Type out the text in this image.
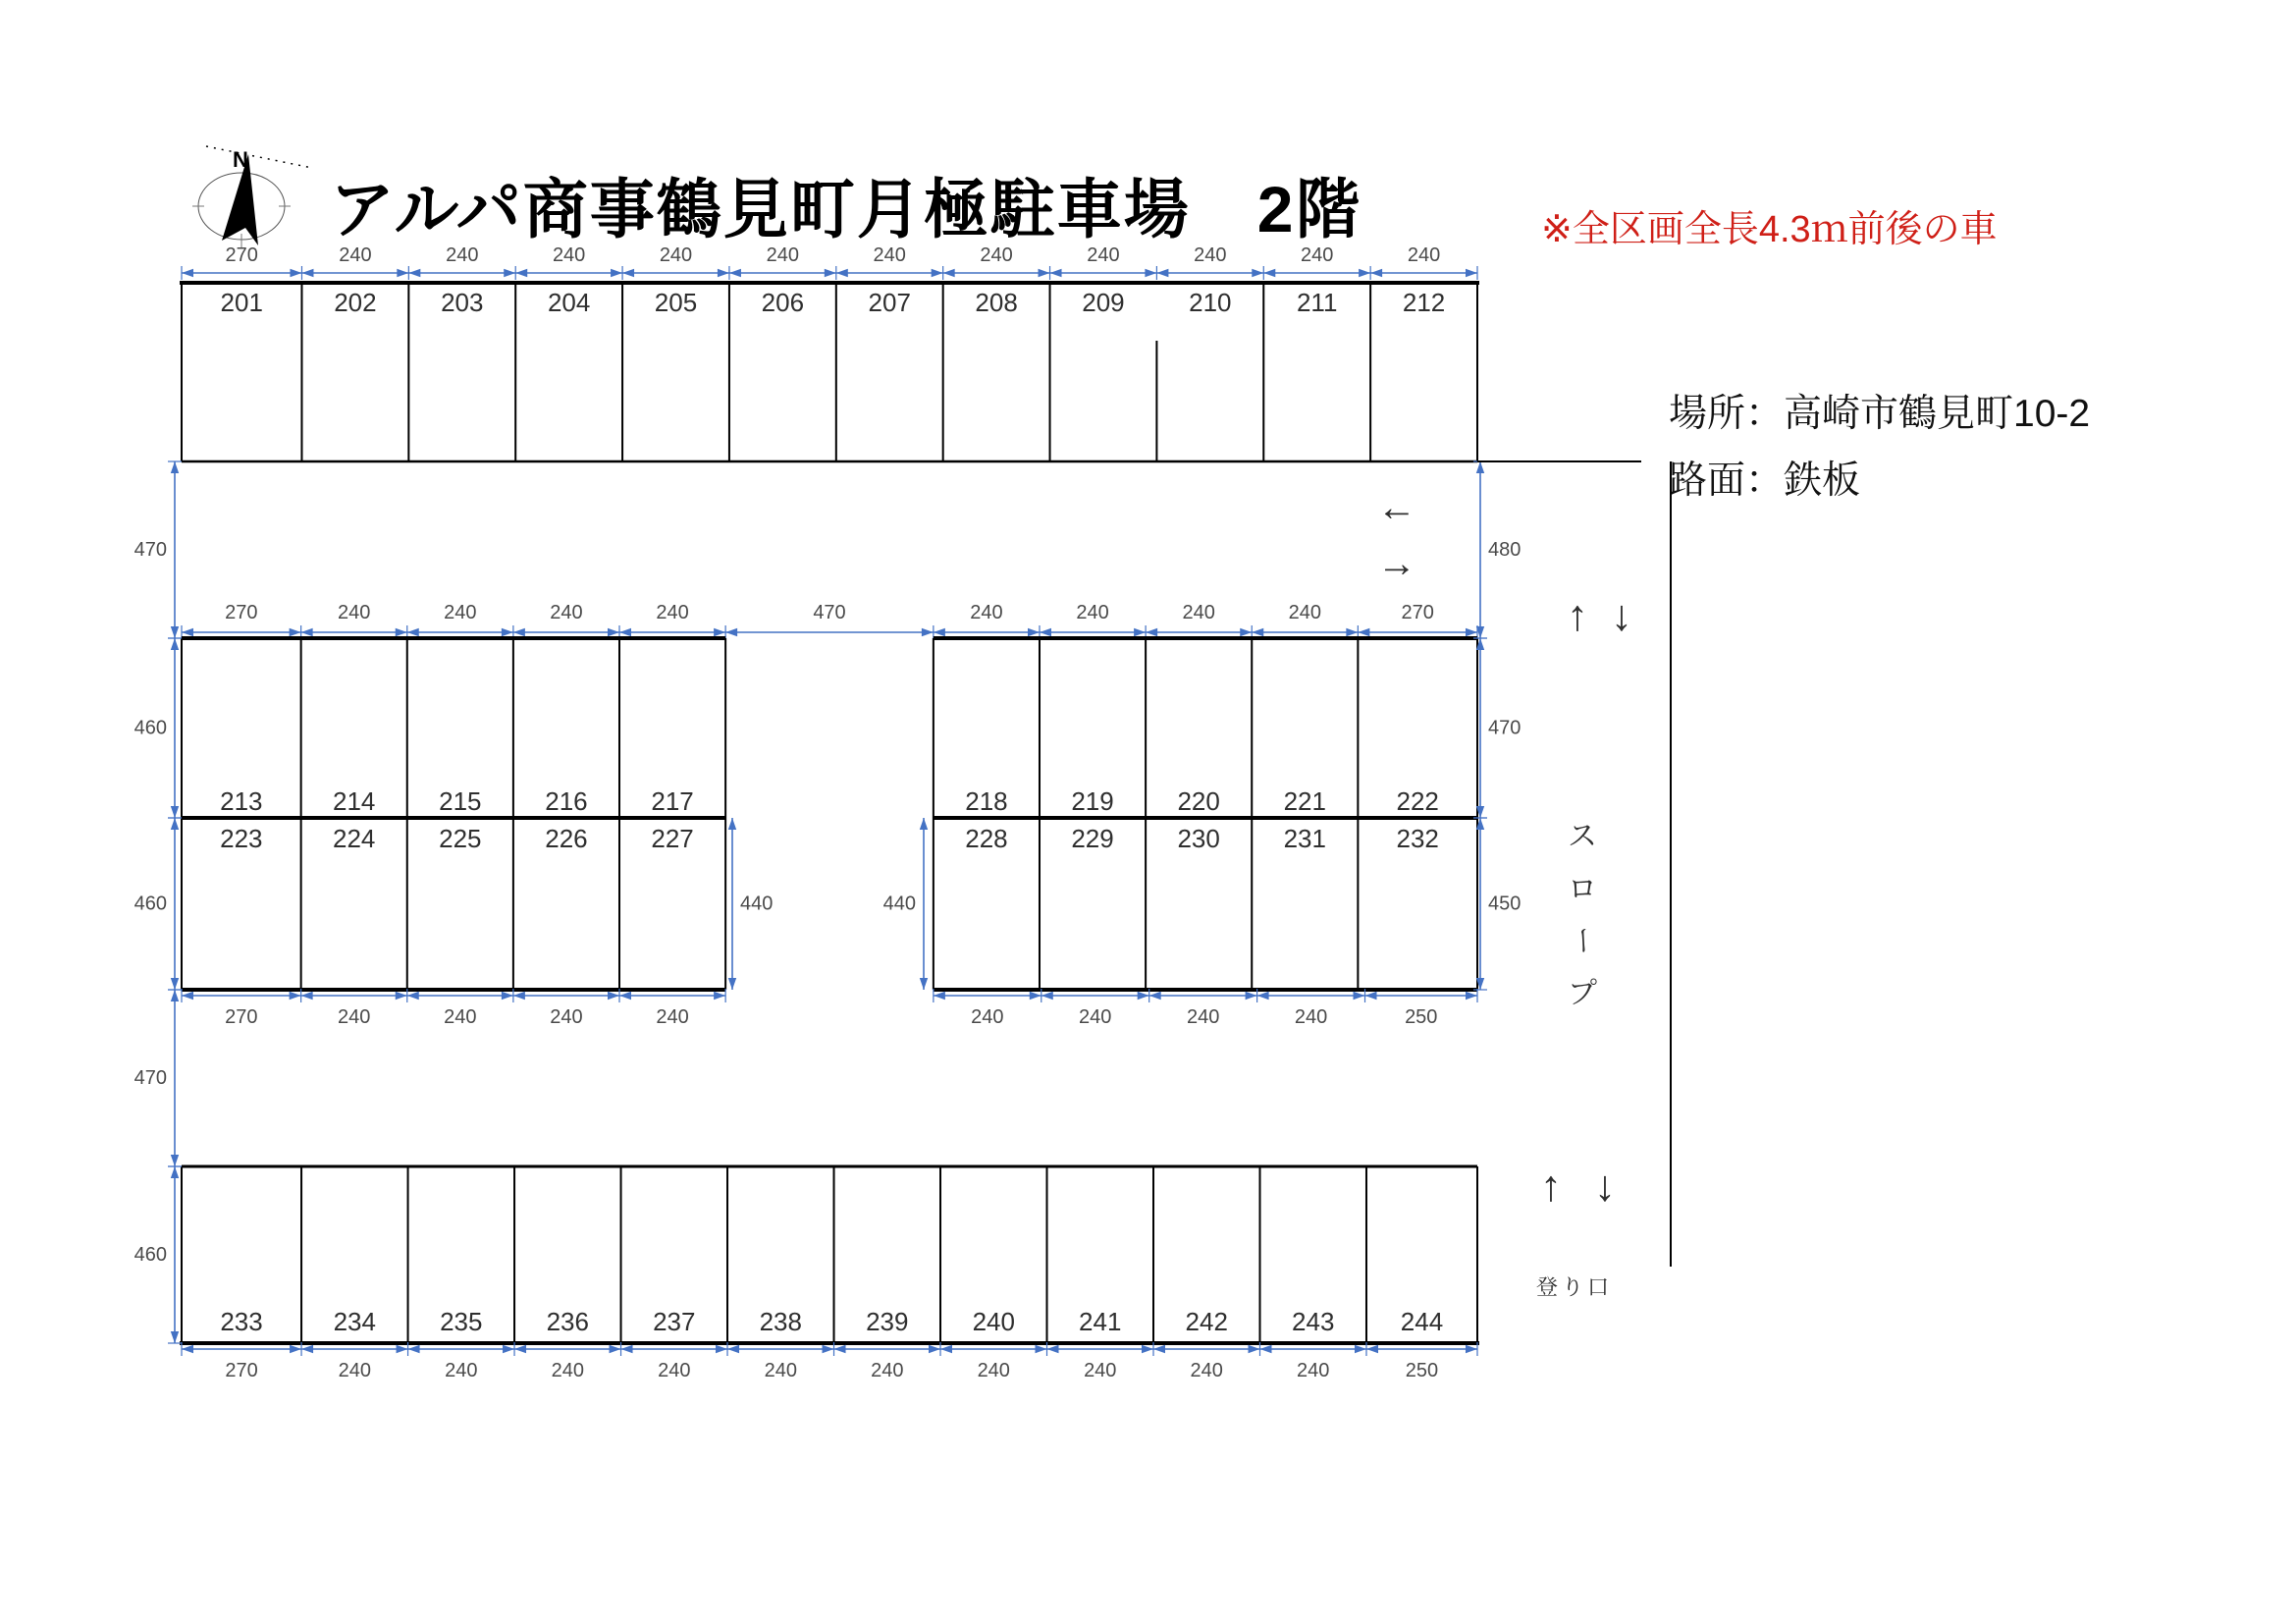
N
アルパ商事鶴見町月極駐車場　2階	※全区画全長4.3ｍ前後の車
場所：高崎市鶴見町10-2
路面：鉄板
201	202	203	204	205	206	207	208	209	210	211	212
270	240	240	240	240	240	240	240	240	240	240	240
←
→
270	240	240	240	240	470	240	240	240	240	270
213	214 215 216 217	218 219 220 221	222
223	224 225 226 227	228 229 230 231	232
270	240	240	240	240	240	240	240	240	250
440	440
233	234	235	236	237	238	239	240	241	242	243	244
270	240	240	240	240	240	240	240	240	240	240	250
470
460
460
470
460
480
470
450
↑ ↓
ス
ロ
ー
プ
↑ ↓
登り口
